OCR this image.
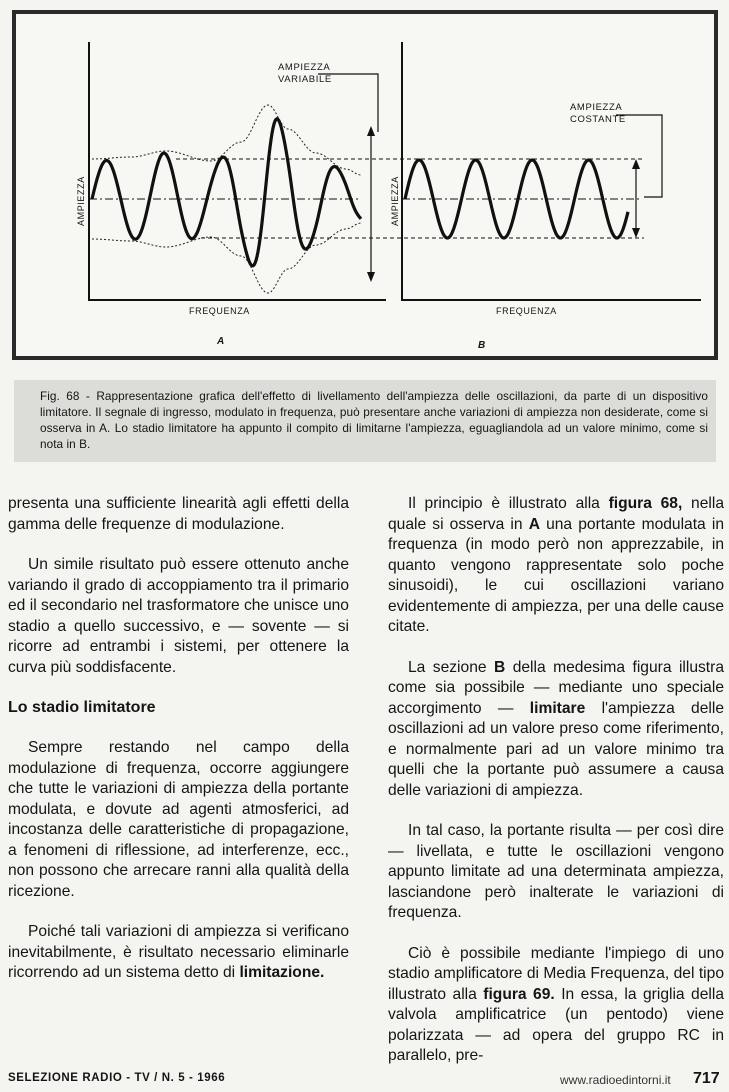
AMPIEZZA
VARIABILE
AMPIEZZA
FREQUENZA
A
AMPIEZZA
COSTANTE
AMPIEZZA
FREQUENZA
B
Fig. 68 - Rappresentazione grafica dell'effetto di livellamento dell'ampiezza delle oscillazioni, da parte di un dispositivo limitatore. Il segnale di ingresso, modulato in frequenza, può presentare anche variazioni di ampiezza non desiderate, come si osserva in A. Lo stadio limitatore ha appunto il compito di limitarne l'ampiezza, eguagliandola ad un valore minimo, come si nota in B.

presenta una sufficiente linearità agli effetti della gamma delle frequenze di modulazione.

Un simile risultato può essere ottenuto anche variando il grado di accoppiamento tra il primario ed il secondario nel trasformatore che unisce uno stadio a quello successivo, e — sovente — si ricorre ad entrambi i sistemi, per ottenere la curva più soddisfacente.

Lo stadio limitatore

Sempre restando nel campo della modulazione di frequenza, occorre aggiungere che tutte le variazioni di ampiezza della portante modulata, e dovute ad agenti atmosferici, ad incostanza delle caratteristiche di propagazione, a fenomeni di riflessione, ad interferenze, ecc., non possono che arrecare ranni alla qualità della ricezione.

Poiché tali variazioni di ampiezza si verificano inevitabilmente, è risultato necessario eliminarle ricorrendo ad un sistema detto di limitazione.

Il principio è illustrato alla figura 68, nella quale si osserva in A una portante modulata in frequenza (in modo però non apprezzabile, in quanto vengono rappresentate solo poche sinusoidi), le cui oscillazioni variano evidentemente di ampiezza, per una delle cause citate.

La sezione B della medesima figura illustra come sia possibile — mediante uno speciale accorgimento — limitare l'ampiezza delle oscillazioni ad un valore preso come riferimento, e normalmente pari ad un valore minimo tra quelli che la portante può assumere a causa delle variazioni di ampiezza.

In tal caso, la portante risulta — per così dire — livellata, e tutte le oscillazioni vengono appunto limitate ad una determinata ampiezza, lasciandone però inalterate le variazioni di frequenza.

Ciò è possibile mediante l'impiego di uno stadio amplificatore di Media Frequenza, del tipo illustrato alla figura 69. In essa, la griglia della valvola amplificatrice (un pentodo) viene polarizzata — ad opera del gruppo RC in parallelo, pre-

SELEZIONE RADIO - TV / N. 5 - 1966	www.radioedintorni.it 717
